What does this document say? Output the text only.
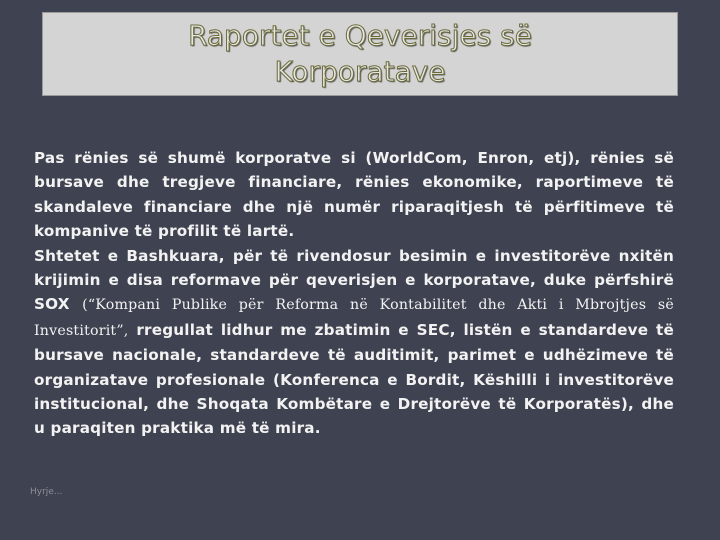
Raportet e Qeverisjes së Korporatave

Pas rënies së shumë korporatve si (WorldCom, Enron, etj), rënies së bursave dhe tregjeve financiare, rënies ekonomike, raportimeve të skandaleve financiare dhe një numër riparaqitjesh të përfitimeve të kompanive të profilit të lartë.

Shtetet e Bashkuara, për të rivendosur besimin e investitorëve nxitën krijimin e disa reformave për qeverisjen e korporatave, duke përfshirë SOX (“Kompani Publike për Reforma në Kontabilitet dhe Akti i Mbrojtjes së Investitorit”, rregullat lidhur me zbatimin e SEC, listën e standardeve të bursave nacionale, standardeve të auditimit, parimet e udhëzimeve të organizatave profesionale (Konferenca e Bordit, Këshilli i investitorëve institucional, dhe Shoqata Kombëtare e Drejtorëve të Korporatës), dhe u paraqiten praktika më të mira.

Hyrje...
